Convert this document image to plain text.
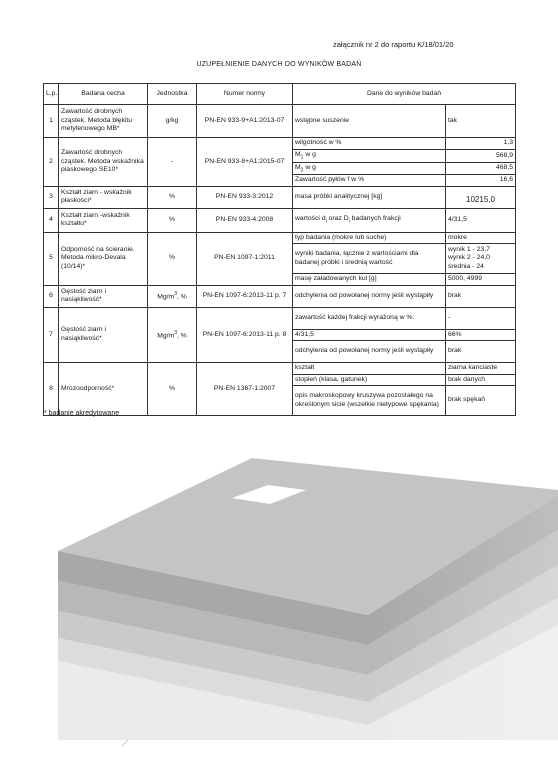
załącznik nr 2 do raportu K/18/01/20
UZUPEŁNIENIE DANYCH DO WYNIKÓW BADAŃ
L.p.	Badana cecha	Jednostka	Numer normy	Dane do wyników badań	
1	Zawartość drobnych cząstek. Metoda błękitu metylenowego MB*	g/kg	PN-EN 933-9+A1:2013-07	wstępne suszenie	tak
2	Zawartość drobnych cząstek. Metoda wskaźnika piaskowego SE10*	-	PN-EN 933-8+A1:2015-07	wilgotność w %	1,3
				$M_1$ w g	568,9
				$M_2$ w g	468,5
				Zawartość pyłów f w %	16,6
3	Kształt ziarn - wskaźnik płaskości*	%	PN-EN 933-3:2012	masa próbki analitycznej [kg]	10215,0
4	Kształt ziarn -wskaźnik kształtu*	%	PN-EN 933-4:2008	wartości $d_i$ oraz $D_i$ badanych frakcji	4/31,5
5	Odporność na ścieranie. Metoda mikro-Devala (10/14)*	%	PN-EN 1097-1:2011	typ badania (mokre lub suche)	mokre
				wyniki badania, łącznie z wartościami dla badanej próbki i średnią wartość	wynik 1 - 23,7
wynik 2 - 24,0
średnia - 24

				masę załadowanych kul [g]	5000, 4999
6	Gęstość ziarn i nasiąkliwość*	$Mg/m^3$, %	PN-EN 1097-6:2013-11 p. 7	odchylenia od powołanej normy jeśli wystąpiły	brak
7	Gęstość ziarn i nasiąkliwość*	$Mg/m^3$, %	PN-EN 1097-6:2013-11 p. 8	zawartość każdej frakcji wyrażoną w %:	-
				4/31,5	66%
				odchylenia od powołanej normy jeśli wystąpiły	brak
8	Mrozoodporność*	%	PN-EN 1367-1:2007	kształt	ziarna kanciaste
				stopień (klasa, gatunek)	brak danych
				opis makroskopowy kruszywa pozostałego na określonym sicie (wszelkie nietypowe spękania)	brak spękań
* badanie akredytowane
⟋
